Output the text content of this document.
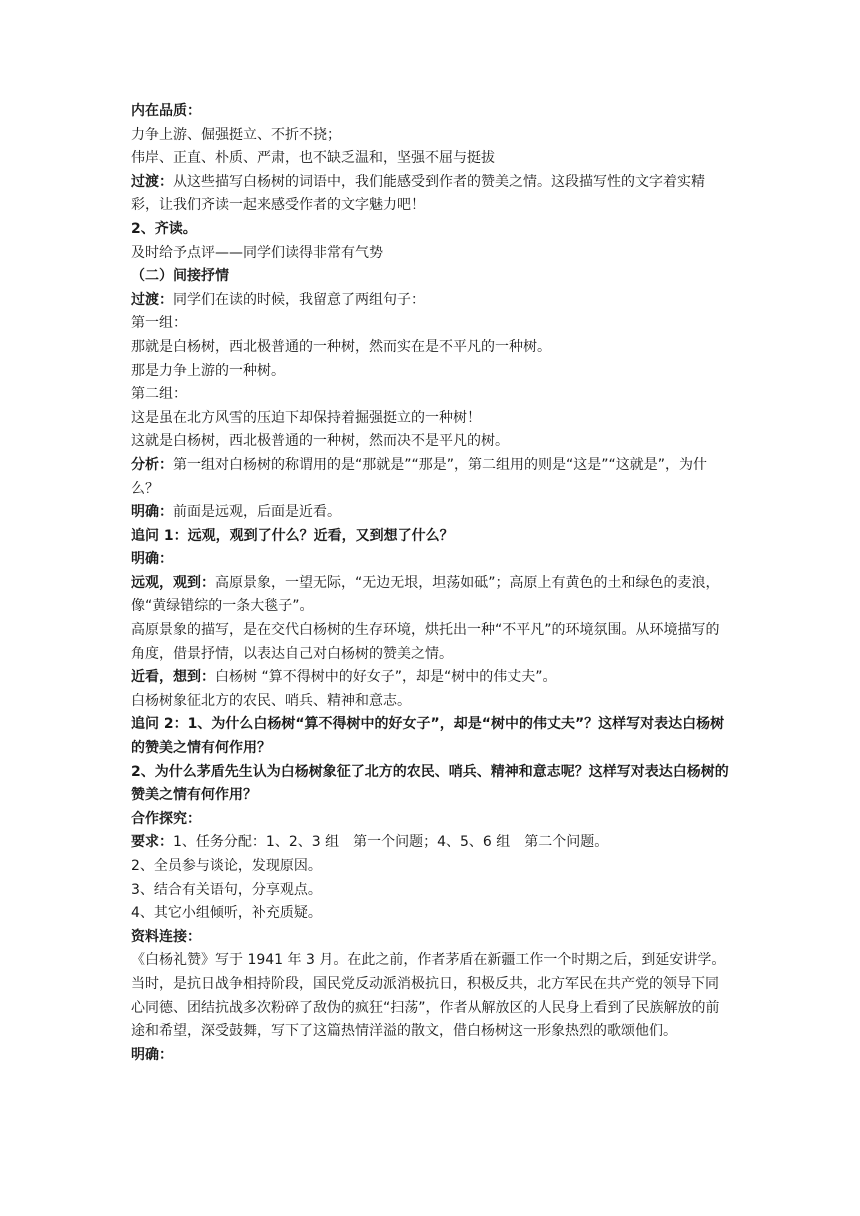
内在品质：

力争上游、倔强挺立、不折不挠；

伟岸、正直、朴质、严肃，也不缺乏温和，坚强不屈与挺拔

过渡：从这些描写白杨树的词语中，我们能感受到作者的赞美之情。这段描写性的文字着实精彩，让我们齐读一起来感受作者的文字魅力吧！

2、齐读。

及时给予点评——同学们读得非常有气势

（二）间接抒情

过渡：同学们在读的时候，我留意了两组句子：

第一组：

那就是白杨树，西北极普通的一种树，然而实在是不平凡的一种树。

那是力争上游的一种树。

第二组：

这是虽在北方风雪的压迫下却保持着掘强挺立的一种树！

这就是白杨树，西北极普通的一种树，然而决不是平凡的树。

分析：第一组对白杨树的称谓用的是“那就是”“那是”，第二组用的则是“这是”“这就是”，为什么？

明确：前面是远观，后面是近看。

追问 1：远观，观到了什么？近看，又到想了什么？

明确：

远观，观到：高原景象，一望无际，“无边无垠，坦荡如砥”；高原上有黄色的土和绿色的麦浪，像“黄绿错综的一条大毯子”。

高原景象的描写，是在交代白杨树的生存环境，烘托出一种“不平凡”的环境氛围。从环境描写的角度，借景抒情，以表达自己对白杨树的赞美之情。

近看，想到：白杨树 “算不得树中的好女子”，却是“树中的伟丈夫”。

白杨树象征北方的农民、哨兵、精神和意志。

追问 2：1、为什么白杨树“算不得树中的好女子”，却是“树中的伟丈夫”？这样写对表达白杨树的赞美之情有何作用？

2、为什么茅盾先生认为白杨树象征了北方的农民、哨兵、精神和意志呢？这样写对表达白杨树的赞美之情有何作用？

合作探究：

要求：1、任务分配：1、2、3 组　第一个问题；4、5、6 组　第二个问题。

2、全员参与谈论，发现原因。

3、结合有关语句，分享观点。

4、其它小组倾听，补充质疑。

资料连接：

《白杨礼赞》写于 1941 年 3 月。在此之前，作者茅盾在新疆工作一个时期之后，到延安讲学。当时，是抗日战争相持阶段，国民党反动派消极抗日，积极反共，北方军民在共产党的领导下同心同德、团结抗战多次粉碎了敌伪的疯狂“扫荡”，作者从解放区的人民身上看到了民族解放的前途和希望，深受鼓舞，写下了这篇热情洋溢的散文，借白杨树这一形象热烈的歌颂他们。

明确：
